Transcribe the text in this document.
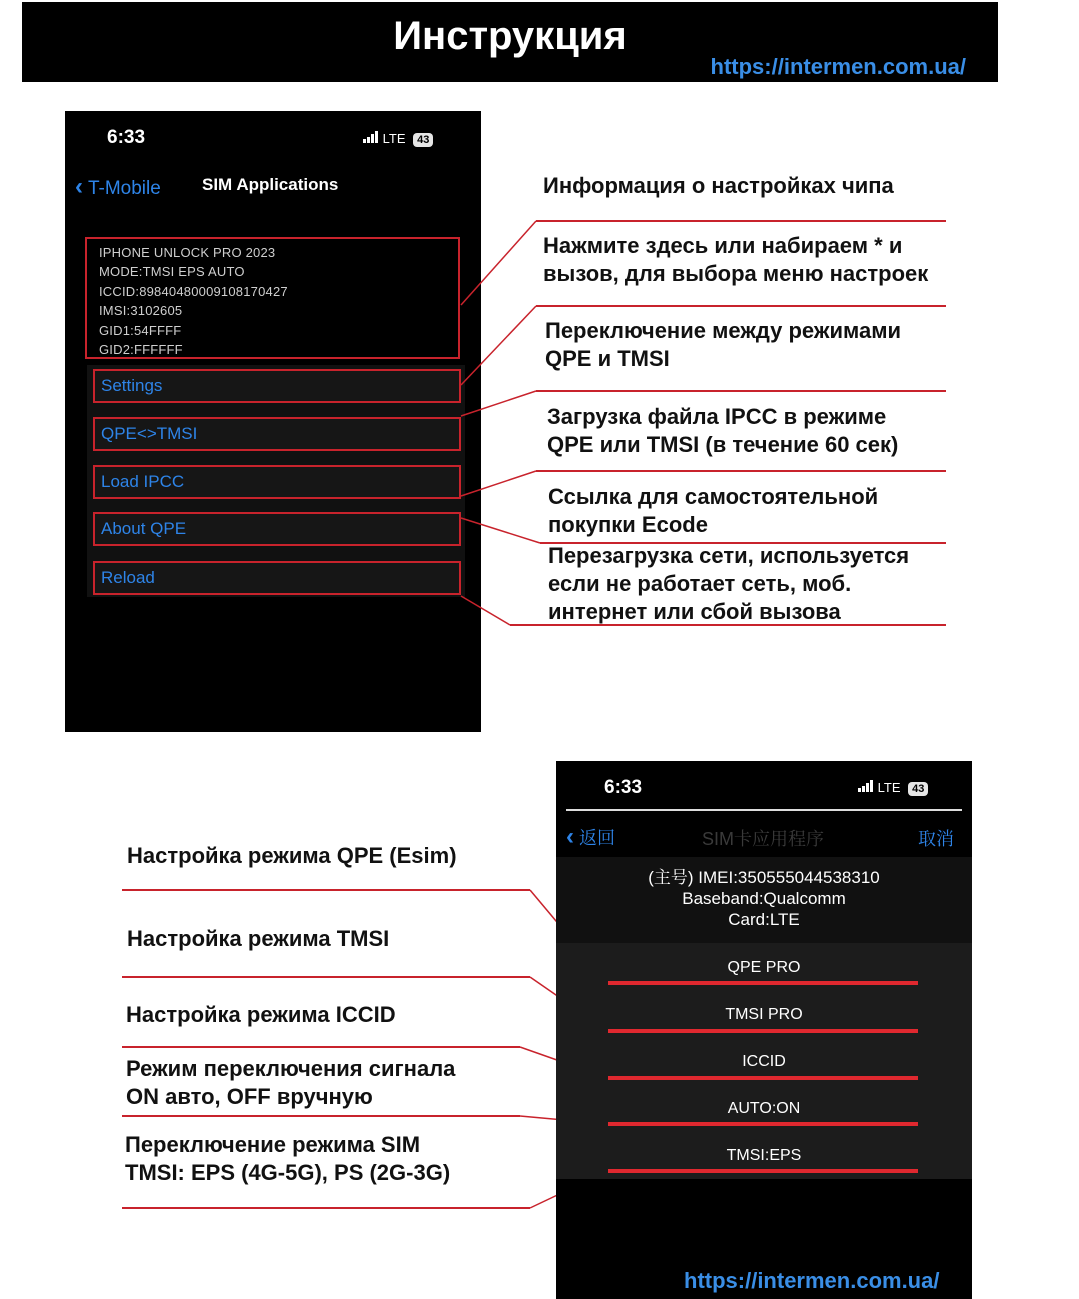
Инструкция
https://intermen.com.ua/
6:33	LTE 43
‹ T-Mobile SIM Applications
IPHONE UNLOCK PRO 2023
MODE:TMSI EPS AUTO
ICCID:89840480009108170427
IMSI:3102605
GID1:54FFFF
GID2:FFFFFF
Settings
QPE<>TMSI
Load IPCC
About QPE
Reload
Информация о настройках чипа
Нажмите здесь или набираем * и
вызов, для выбора меню настроек
Переключение между режимами
QPE и TMSI
Загрузка файла IPCC в режиме
QPE или TMSI (в течение 60 сек)
Ссылка для самостоятельной
покупки Ecode
Перезагрузка сети, используется
если не работает сеть, моб.
интернет или сбой вызова
6:33	LTE 43
‹ 返回	SIM卡应用程序	取消
(主号) IMEI:350555044538310
Baseband:Qualcomm
Card:LTE
QPE PRO
TMSI PRO
ICCID
AUTO:ON
TMSI:EPS
Настройка режима QPE (Esim)
Настройка режима TMSI
Настройка режима ICCID
Режим переключения сигнала
ON авто, OFF вручную
Переключение режима SIM
TMSI: EPS (4G-5G), PS (2G-3G)
https://intermen.com.ua/
